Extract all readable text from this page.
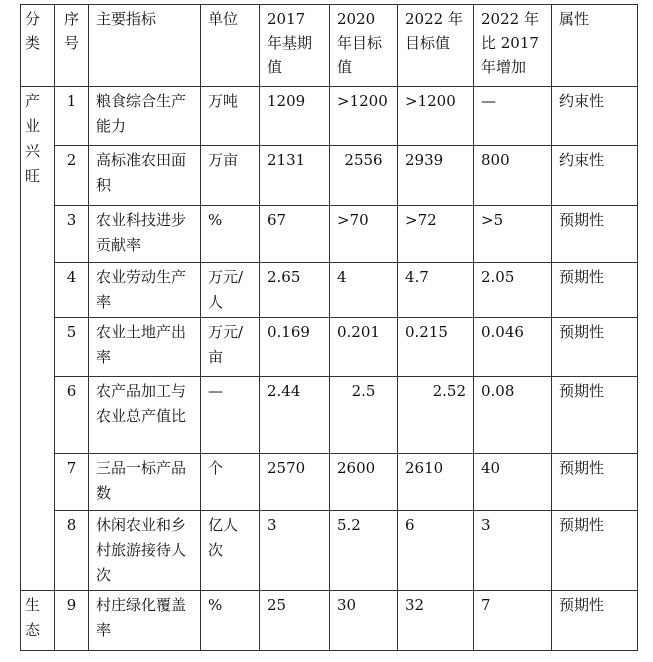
分类	序号	主要指标	单位	2017 年基期值	2020 年目标值	2022 年目标值	2022 年比 2017 年增加	属性
产业兴旺	1	粮食综合生产能力	万吨	1209	>1200	>1200	—	约束性
	2	高标准农田面积	万亩	2131	2556	2939	800	约束性
	3	农业科技进步贡献率	%	67	>70	>72	>5	预期性
	4	农业劳动生产率	万元/人	2.65	4	4.7	2.05	预期性
	5	农业土地产出率	万元/亩	0.169	0.201	0.215	0.046	预期性
	6	农产品加工与农业总产值比	—	2.44	2.5	2.52	0.08	预期性
	7	三品一标产品数	个	2570	2600	2610	40	预期性
	8	休闲农业和乡村旅游接待人次	亿人次	3	5.2	6	3	预期性
生态	9	村庄绿化覆盖率	%	25	30	32	7	预期性
